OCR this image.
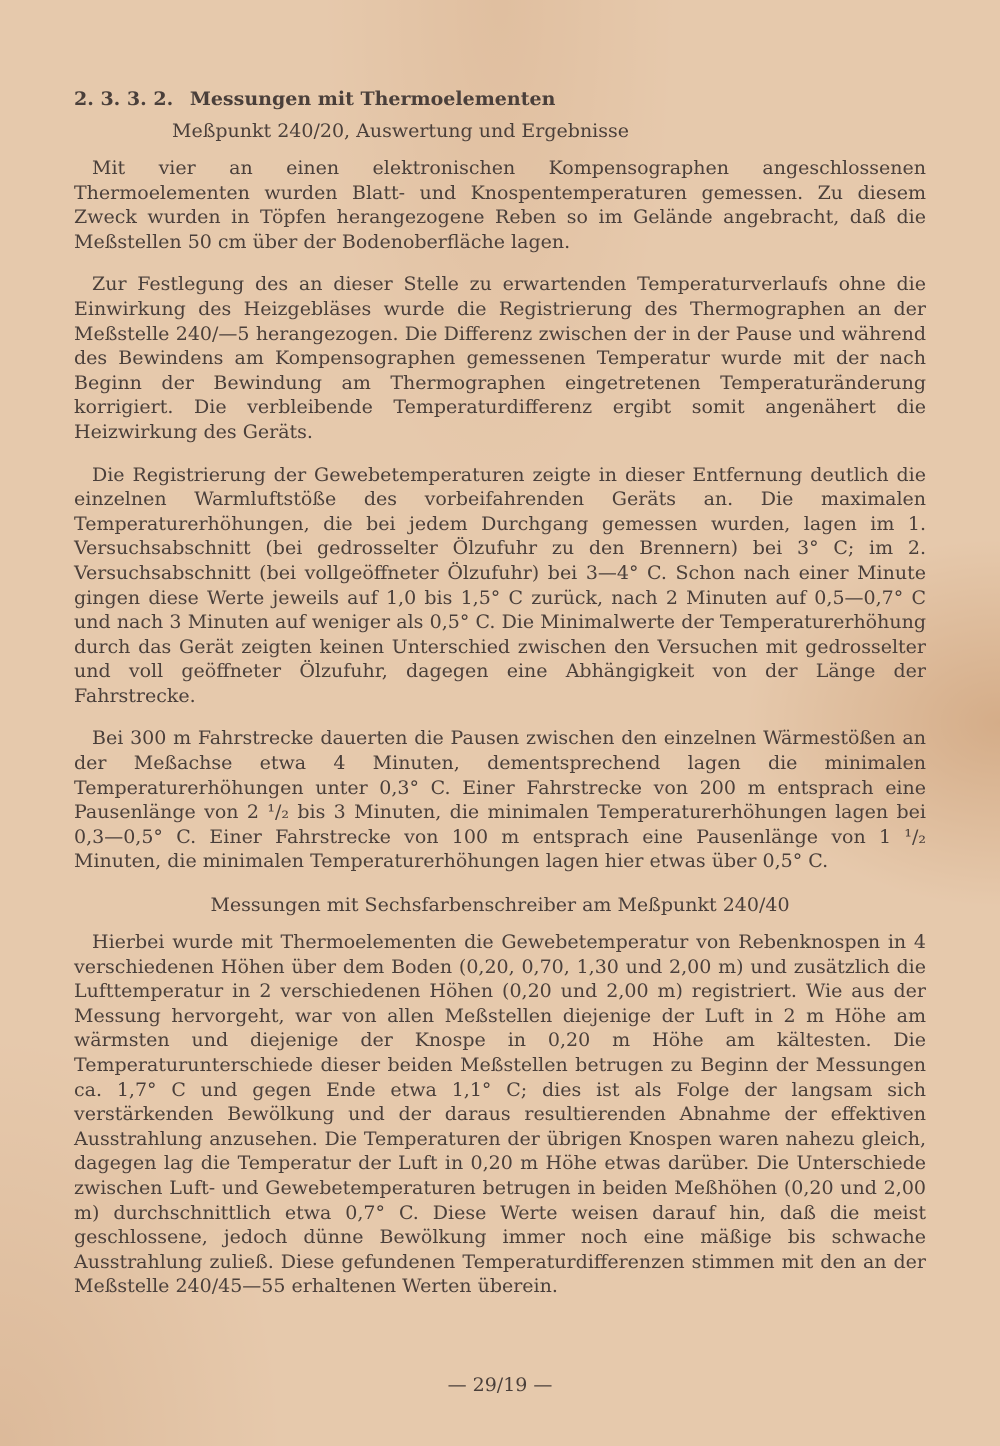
2. 3. 3. 2. Messungen mit Thermoelementen
Meßpunkt 240/20, Auswertung und Ergebnisse

Mit vier an einen elektronischen Kompensographen angeschlossenen Thermoelementen wurden Blatt- und Knospentemperaturen gemessen. Zu diesem Zweck wurden in Töpfen herangezogene Reben so im Gelände angebracht, daß die Meßstellen 50 cm über der Bodenoberfläche lagen.

Zur Festlegung des an dieser Stelle zu erwartenden Temperaturverlaufs ohne die Einwirkung des Heizgebläses wurde die Registrierung des Thermographen an der Meßstelle 240/—5 herangezogen. Die Differenz zwischen der in der Pause und während des Bewindens am Kompensographen gemessenen Temperatur wurde mit der nach Beginn der Bewindung am Thermographen eingetretenen Temperaturänderung korrigiert. Die verbleibende Temperaturdifferenz ergibt somit angenähert die Heizwirkung des Geräts.

Die Registrierung der Gewebetemperaturen zeigte in dieser Entfernung deutlich die einzelnen Warmluftstöße des vorbeifahrenden Geräts an. Die maximalen Temperaturerhöhungen, die bei jedem Durchgang gemessen wurden, lagen im 1. Versuchsabschnitt (bei gedrosselter Ölzufuhr zu den Brennern) bei 3° C; im 2. Versuchsabschnitt (bei vollgeöffneter Ölzufuhr) bei 3—4° C. Schon nach einer Minute gingen diese Werte jeweils auf 1,0 bis 1,5° C zurück, nach 2 Minuten auf 0,5—0,7° C und nach 3 Minuten auf weniger als 0,5° C. Die Minimalwerte der Temperaturerhöhung durch das Gerät zeigten keinen Unterschied zwischen den Versuchen mit gedrosselter und voll geöffneter Ölzufuhr, dagegen eine Abhängigkeit von der Länge der Fahrstrecke.

Bei 300 m Fahrstrecke dauerten die Pausen zwischen den einzelnen Wärmestößen an der Meßachse etwa 4 Minuten, dementsprechend lagen die minimalen Temperaturerhöhungen unter 0,3° C. Einer Fahrstrecke von 200 m entsprach eine Pausenlänge von 2 ¹/₂ bis 3 Minuten, die minimalen Temperaturerhöhungen lagen bei 0,3—0,5° C. Einer Fahrstrecke von 100 m entsprach eine Pausenlänge von 1 ¹/₂ Minuten, die minimalen Temperaturerhöhungen lagen hier etwas über 0,5° C.

Messungen mit Sechsfarbenschreiber am Meßpunkt 240/40

Hierbei wurde mit Thermoelementen die Gewebetemperatur von Rebenknospen in 4 verschiedenen Höhen über dem Boden (0,20, 0,70, 1,30 und 2,00 m) und zusätzlich die Lufttemperatur in 2 verschiedenen Höhen (0,20 und 2,00 m) registriert. Wie aus der Messung hervorgeht, war von allen Meßstellen diejenige der Luft in 2 m Höhe am wärmsten und diejenige der Knospe in 0,20 m Höhe am kältesten. Die Temperaturunterschiede dieser beiden Meßstellen betrugen zu Beginn der Messungen ca. 1,7° C und gegen Ende etwa 1,1° C; dies ist als Folge der langsam sich verstärkenden Bewölkung und der daraus resultierenden Abnahme der effektiven Ausstrahlung anzusehen. Die Temperaturen der übrigen Knospen waren nahezu gleich, dagegen lag die Temperatur der Luft in 0,20 m Höhe etwas darüber. Die Unterschiede zwischen Luft- und Gewebetemperaturen betrugen in beiden Meßhöhen (0,20 und 2,00 m) durchschnittlich etwa 0,7° C. Diese Werte weisen darauf hin, daß die meist geschlossene, jedoch dünne Bewölkung immer noch eine mäßige bis schwache Ausstrahlung zuließ. Diese gefundenen Temperaturdifferenzen stimmen mit den an der Meßstelle 240/45—55 erhaltenen Werten überein.

— 29/19 —
